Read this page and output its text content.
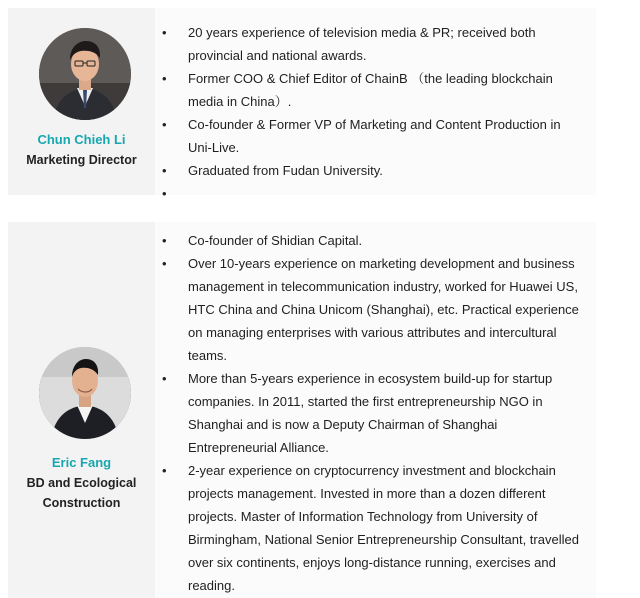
Chun Chieh Li
Marketing Director
• 20 years experience of television media & PR; received both provincial and national awards.
• Former COO & Chief Editor of ChainB （the leading blockchain media in China）.
• Co-founder & Former VP of Marketing and Content Production in Uni-Live.
• Graduated from Fudan University.
•
Eric Fang
BD and Ecological Construction
• Co-founder of Shidian Capital.
• Over 10-years experience on marketing development and business management in telecommunication industry, worked for Huawei US, HTC China and China Unicom (Shanghai), etc. Practical experience on managing enterprises with various attributes and intercultural teams.
• More than 5-years experience in ecosystem build-up for startup companies. In 2011, started the first entrepreneurship NGO in Shanghai and is now a Deputy Chairman of Shanghai Entrepreneurial Alliance.
• 2-year experience on cryptocurrency investment and blockchain projects management. Invested in more than a dozen different projects. Master of Information Technology from University of Birmingham, National Senior Entrepreneurship Consultant, travelled over six continents, enjoys long-distance running, exercises and reading.
